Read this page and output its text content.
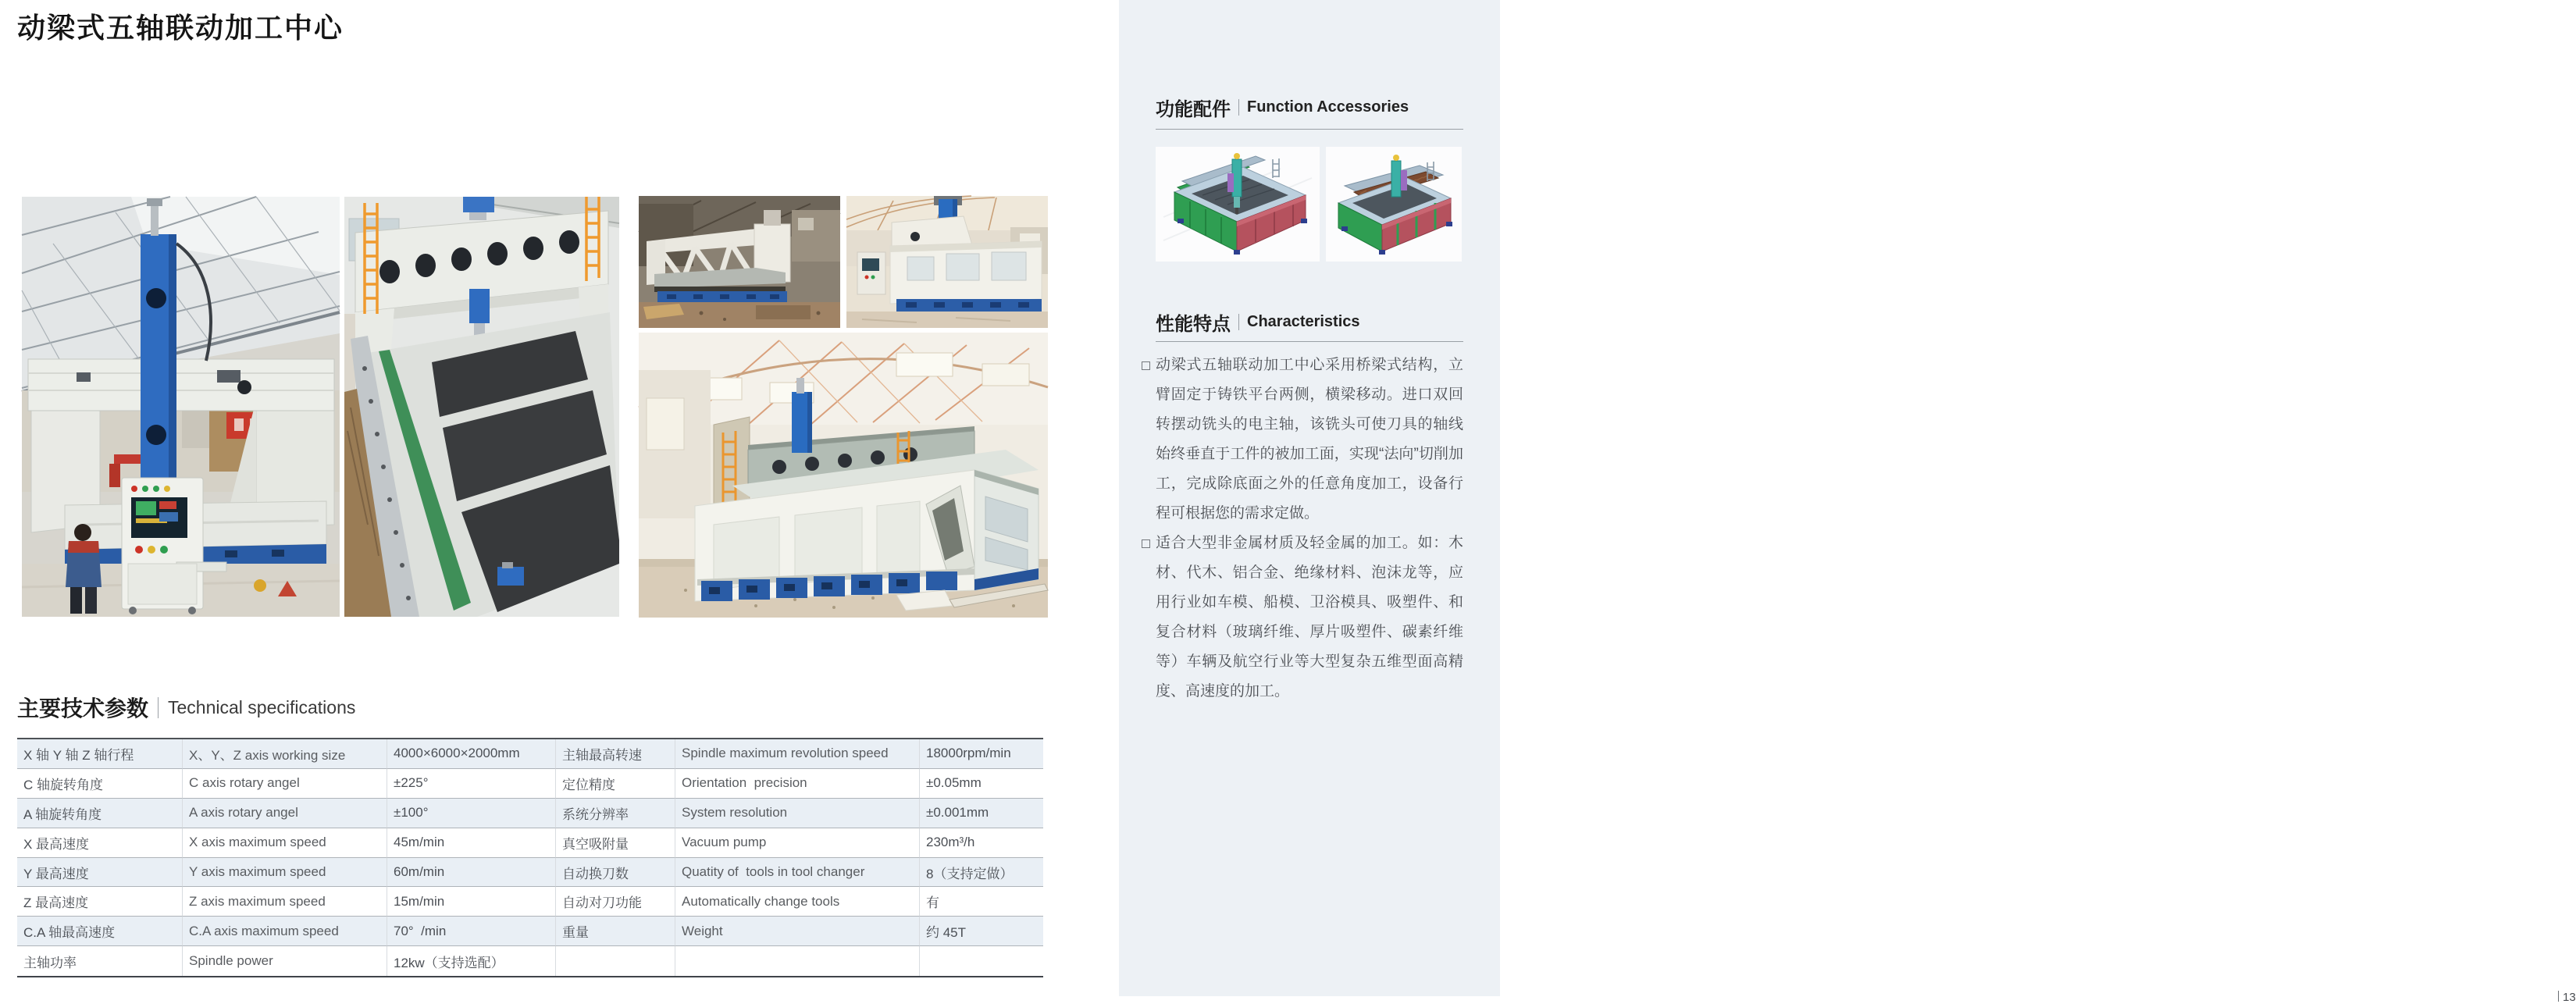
动梁式五轴联动加工中心
主要技术参数 Technical specifications
X 轴 Y 轴 Z 轴行程	X、Y、Z axis working size	4000×6000×2000mm	主轴最高转速	Spindle maximum revolution speed	18000rpm/min
C 轴旋转角度	C axis rotary angel	±225°	定位精度	Orientation  precision	±0.05mm
A 轴旋转角度	A axis rotary angel	±100°	系统分辨率	System resolution	±0.001mm
X 最高速度	X axis maximum speed	45m/min	真空吸附量	Vacuum pump	230m³/h
Y 最高速度	Y axis maximum speed	60m/min	自动换刀数	Quatity of  tools in tool changer	8（支持定做）
Z 最高速度	Z axis maximum speed	15m/min	自动对刀功能	Automatically change tools	有
C.A 轴最高速度	C.A axis maximum speed	70°  /min	重量	Weight	约 45T
主轴功率	Spindle power	12kw（支持选配）
功能配件 Function Accessories
性能特点 Characteristics
动梁式五轴联动加工中心采用桥梁式结构，立臂固定于铸铁平台两侧，横梁移动。进口双回转摆动铣头的电主轴，该铣头可使刀具的轴线始终垂直于工件的被加工面，实现“法向”切削加工，完成除底面之外的任意角度加工，设备行程可根据您的需求定做。
适合大型非金属材质及轻金属的加工。如：木材、代木、铝合金、绝缘材料、泡沫龙等，应用行业如车模、船模、卫浴模具、吸塑件、和复合材料（玻璃纤维、厚片吸塑件、碳素纤维等）车辆及航空行业等大型复杂五维型面高精度、高速度的加工。
13
